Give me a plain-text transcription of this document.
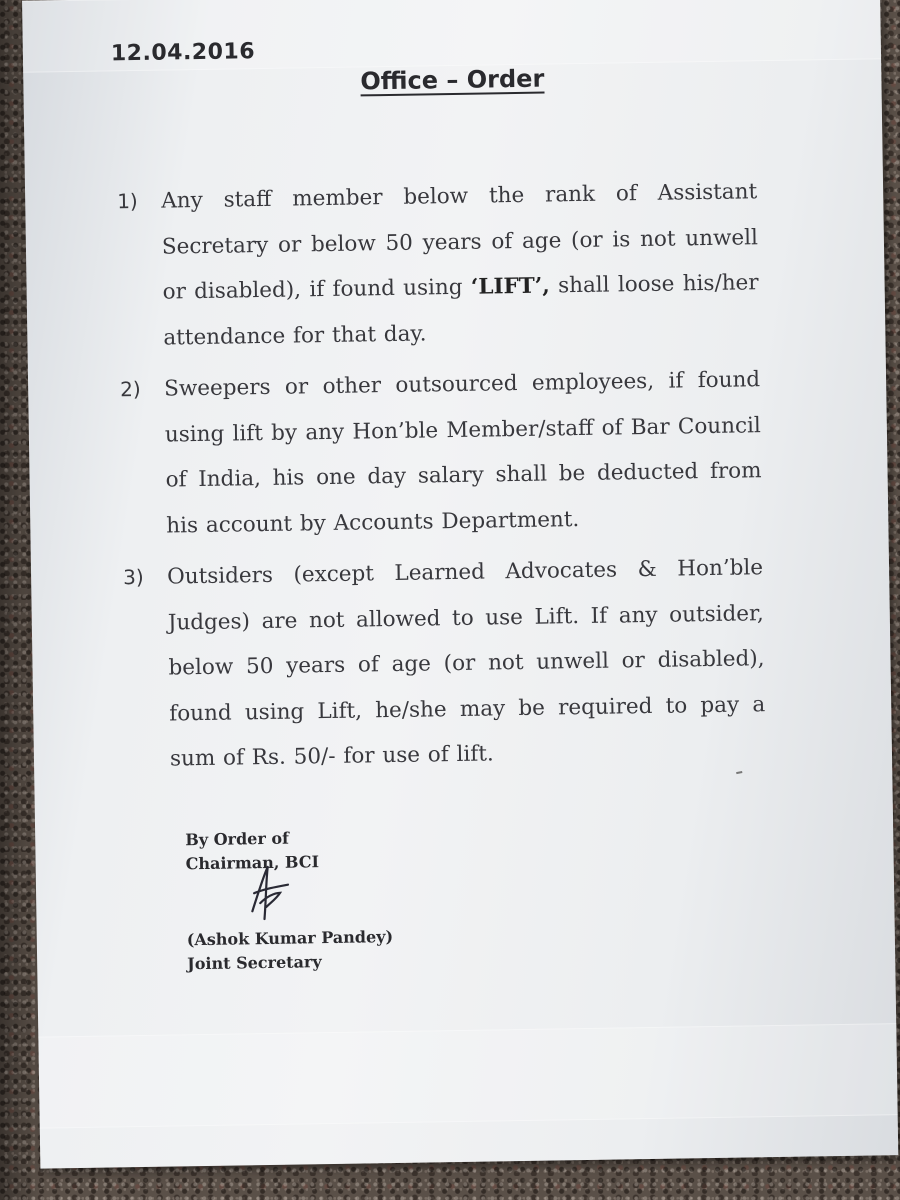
12.04.2016
Office – Order
1)	Any staff member below the rank of Assistant Secretary or below 50 years of age (or is not unwell or disabled), if found using ‘LIFT’, shall loose his/her attendance for that day.
2)	Sweepers or other outsourced employees, if found using lift by any Hon’ble Member/staff of Bar Council of India, his one day salary shall be deducted from his account by Accounts Department.
3)	Outsiders (except Learned Advocates & Hon’ble Judges) are not allowed to use Lift. If any outsider, below 50 years of age (or not unwell or disabled), found using Lift, he/she may be required to pay a sum of Rs. 50/- for use of lift.
By Order of
Chairman, BCI
(Ashok Kumar Pandey)
Joint Secretary
